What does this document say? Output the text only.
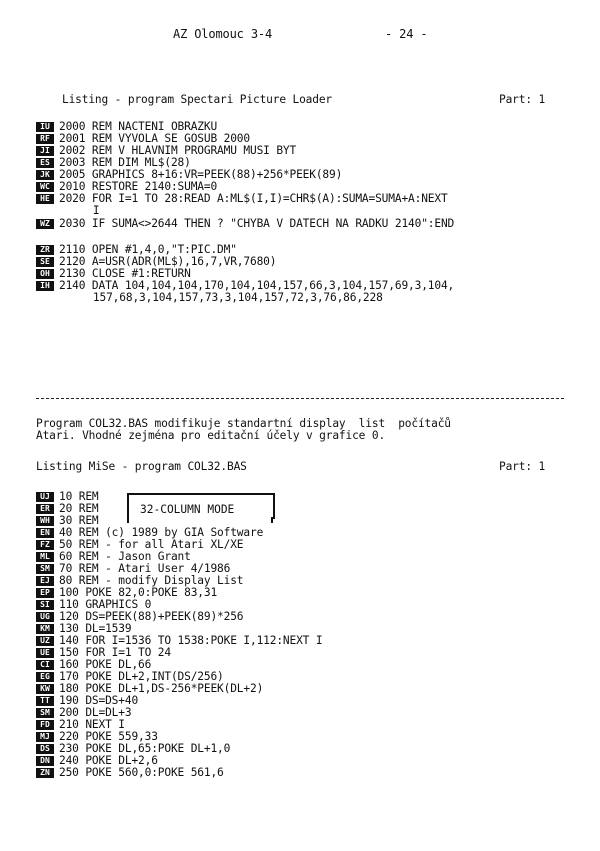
AZ Olomouc 3-4	- 24 -
Listing - program Spectari Picture Loader	Part: 1
IU 2000 REM NACTENI OBRAZKU
RF 2001 REM VYVOLA SE GOSUB 2000
JI 2002 REM V HLAVNIM PROGRAMU MUSI BYT
ES 2003 REM DIM ML$(28)
JK 2005 GRAPHICS 8+16:VR=PEEK(88)+256*PEEK(89)
WC 2010 RESTORE 2140:SUMA=0
HE 2020 FOR I=1 TO 28:READ A:ML$(I,I)=CHR$(A):SUMA=SUMA+A:NEXT
I
WZ 2030 IF SUMA<>2644 THEN ? "CHYBA V DATECH NA RADKU 2140":END
ZR 2110 OPEN #1,4,0,"T:PIC.DM"
SE 2120 A=USR(ADR(ML$),16,7,VR,7680)
OH 2130 CLOSE #1:RETURN
IH 2140 DATA 104,104,104,170,104,104,157,66,3,104,157,69,3,104,
157,68,3,104,157,73,3,104,157,72,3,76,86,228
Program COL32.BAS modifikuje standartní display  list  počítačů
Atari. Vhodné zejména pro editační účely v grafice 0.
Listing MiSe - program COL32.BAS	Part: 1
32-COLUMN MODE
UJ 10 REM
ER 20 REM
WH 30 REM
EN 40 REM (c) 1989 by GIA Software
FZ 50 REM - for all Atari XL/XE
ML 60 REM - Jason Grant
SM 70 REM - Atari User 4/1986
EJ 80 REM - modify Display List
EP 100 POKE 82,0:POKE 83,31
SI 110 GRAPHICS 0
UG 120 DS=PEEK(88)+PEEK(89)*256
KM 130 DL=1539
UZ 140 FOR I=1536 TO 1538:POKE I,112:NEXT I
UE 150 FOR I=1 TO 24
CI 160 POKE DL,66
EG 170 POKE DL+2,INT(DS/256)
KW 180 POKE DL+1,DS-256*PEEK(DL+2)
TT 190 DS=DS+40
SM 200 DL=DL+3
FD 210 NEXT I
MJ 220 POKE 559,33
DS 230 POKE DL,65:POKE DL+1,0
DN 240 POKE DL+2,6
ZN 250 POKE 560,0:POKE 561,6
